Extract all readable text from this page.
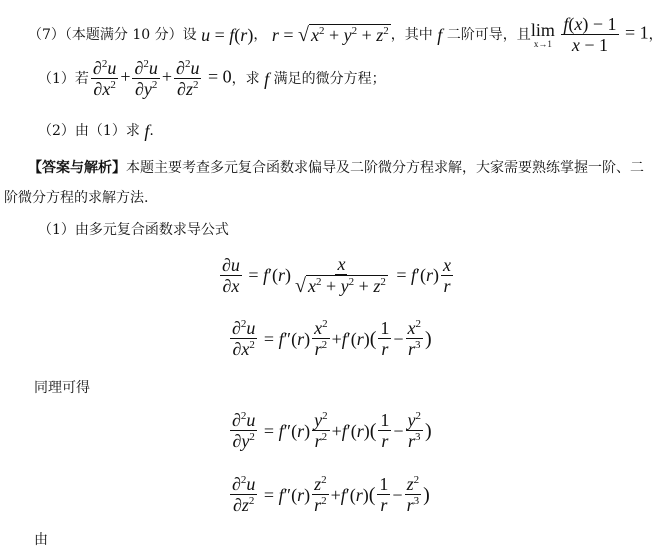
（7）（本题满分 10 分）设 u = f(r) ， r = √ $x^2 + y^2 + z^2$ ，其中 f 二阶可导，且 lim
x→1
$\frac{f(x) - 1}{x - 1} = 1$ ，
（1）若 $\frac{\partial^2u}{\partial x^2} + \frac{\partial^2u}{\partial y^2} + \frac{\partial^2u}{\partial z^2} = 0$ ，求 f 满足的微分方程；
（2）由（1）求 f .
【答案与解析】本题主要考查多元复合函数求偏导及二阶微分方程求解，大家需要熟练掌握一阶、二
阶微分方程的求解方法.
（1）由多元复合函数求导公式
$\frac{\partial u}{\partial x} = f$ ′( r ) $\frac{x}{√ x^2 + y^2 + z^2} = f$ ′( r ) $\frac{x}{r}$
$\frac{\partial^2u}{\partial x^2} = f$ ″( r ) $\frac{x^2}{r^2} + f$ ′( r ) ( $\frac{1}{r} - \frac{x^2}{r^3}$ )
同理可得
$\frac{\partial^2u}{\partial y^2} = f$ ″( r ) $\frac{y^2}{r^2} + f$ ′( r ) ( $\frac{1}{r} - \frac{y^2}{r^3}$ )
$\frac{\partial^2u}{\partial z^2} = f$ ″( r ) $\frac{z^2}{r^2} + f$ ′( r ) ( $\frac{1}{r} - \frac{z^2}{r^3}$ )
由
